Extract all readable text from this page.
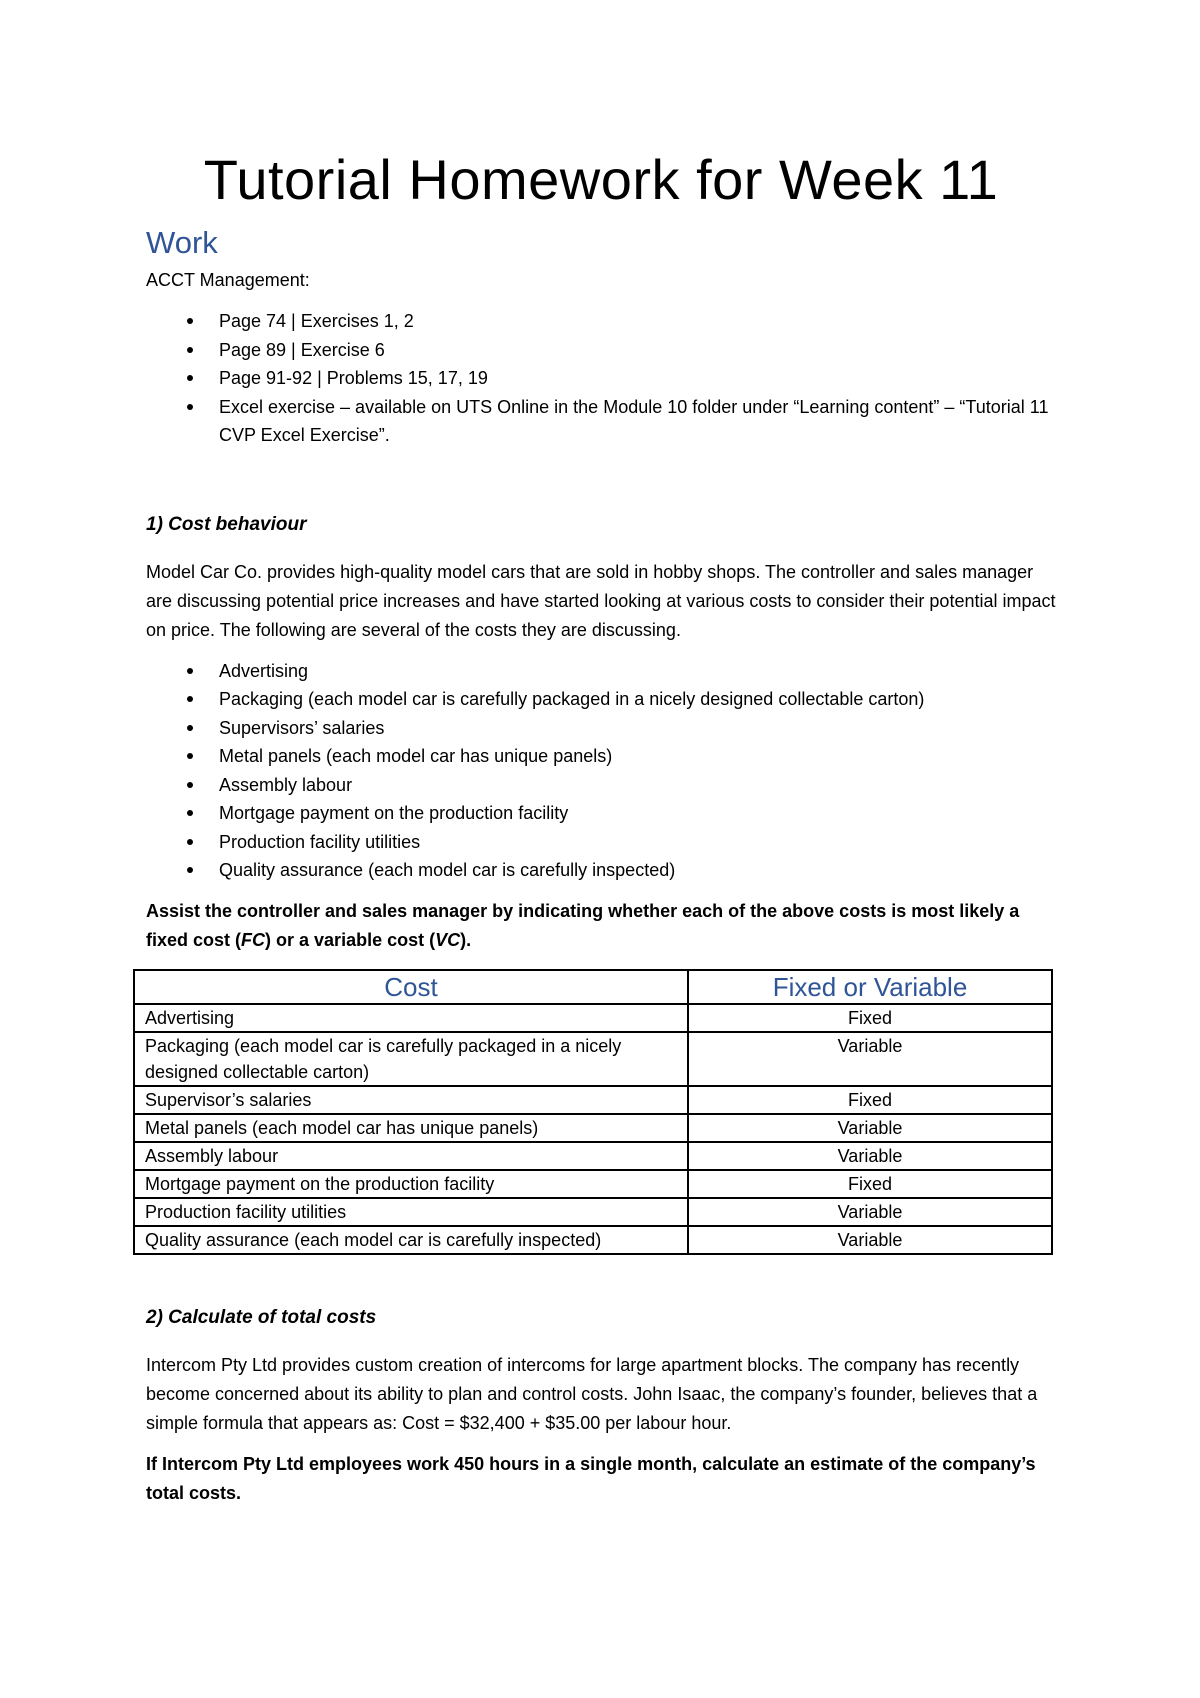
Tutorial Homework for Week 11
Work

ACCT Management:

Page 74 | Exercises 1, 2
Page 89 | Exercise 6
Page 91-92 | Problems 15, 17, 19
Excel exercise – available on UTS Online in the Module 10 folder under “Learning content” – “Tutorial 11 CVP Excel Exercise”.
1) Cost behaviour

Model Car Co. provides high-quality model cars that are sold in hobby shops. The controller and sales manager are discussing potential price increases and have started looking at various costs to consider their potential impact on price. The following are several of the costs they are discussing.

Advertising
Packaging (each model car is carefully packaged in a nicely designed collectable carton)
Supervisors’ salaries
Metal panels (each model car has unique panels)
Assembly labour
Mortgage payment on the production facility
Production facility utilities
Quality assurance (each model car is carefully inspected)

Assist the controller and sales manager by indicating whether each of the above costs is most likely a fixed cost (FC) or a variable cost (VC).

Cost	Fixed or Variable
Advertising	Fixed
Packaging (each model car is carefully packaged in a nicely designed collectable carton)	Variable
Supervisor’s salaries	Fixed
Metal panels (each model car has unique panels)	Variable
Assembly labour	Variable
Mortgage payment on the production facility	Fixed
Production facility utilities	Variable
Quality assurance (each model car is carefully inspected)	Variable
2) Calculate of total costs

Intercom Pty Ltd provides custom creation of intercoms for large apartment blocks. The company has recently become concerned about its ability to plan and control costs. John Isaac, the company’s founder, believes that a simple formula that appears as: Cost = $32,400 + $35.00 per labour hour.

If Intercom Pty Ltd employees work 450 hours in a single month, calculate an estimate of the company’s total costs.
